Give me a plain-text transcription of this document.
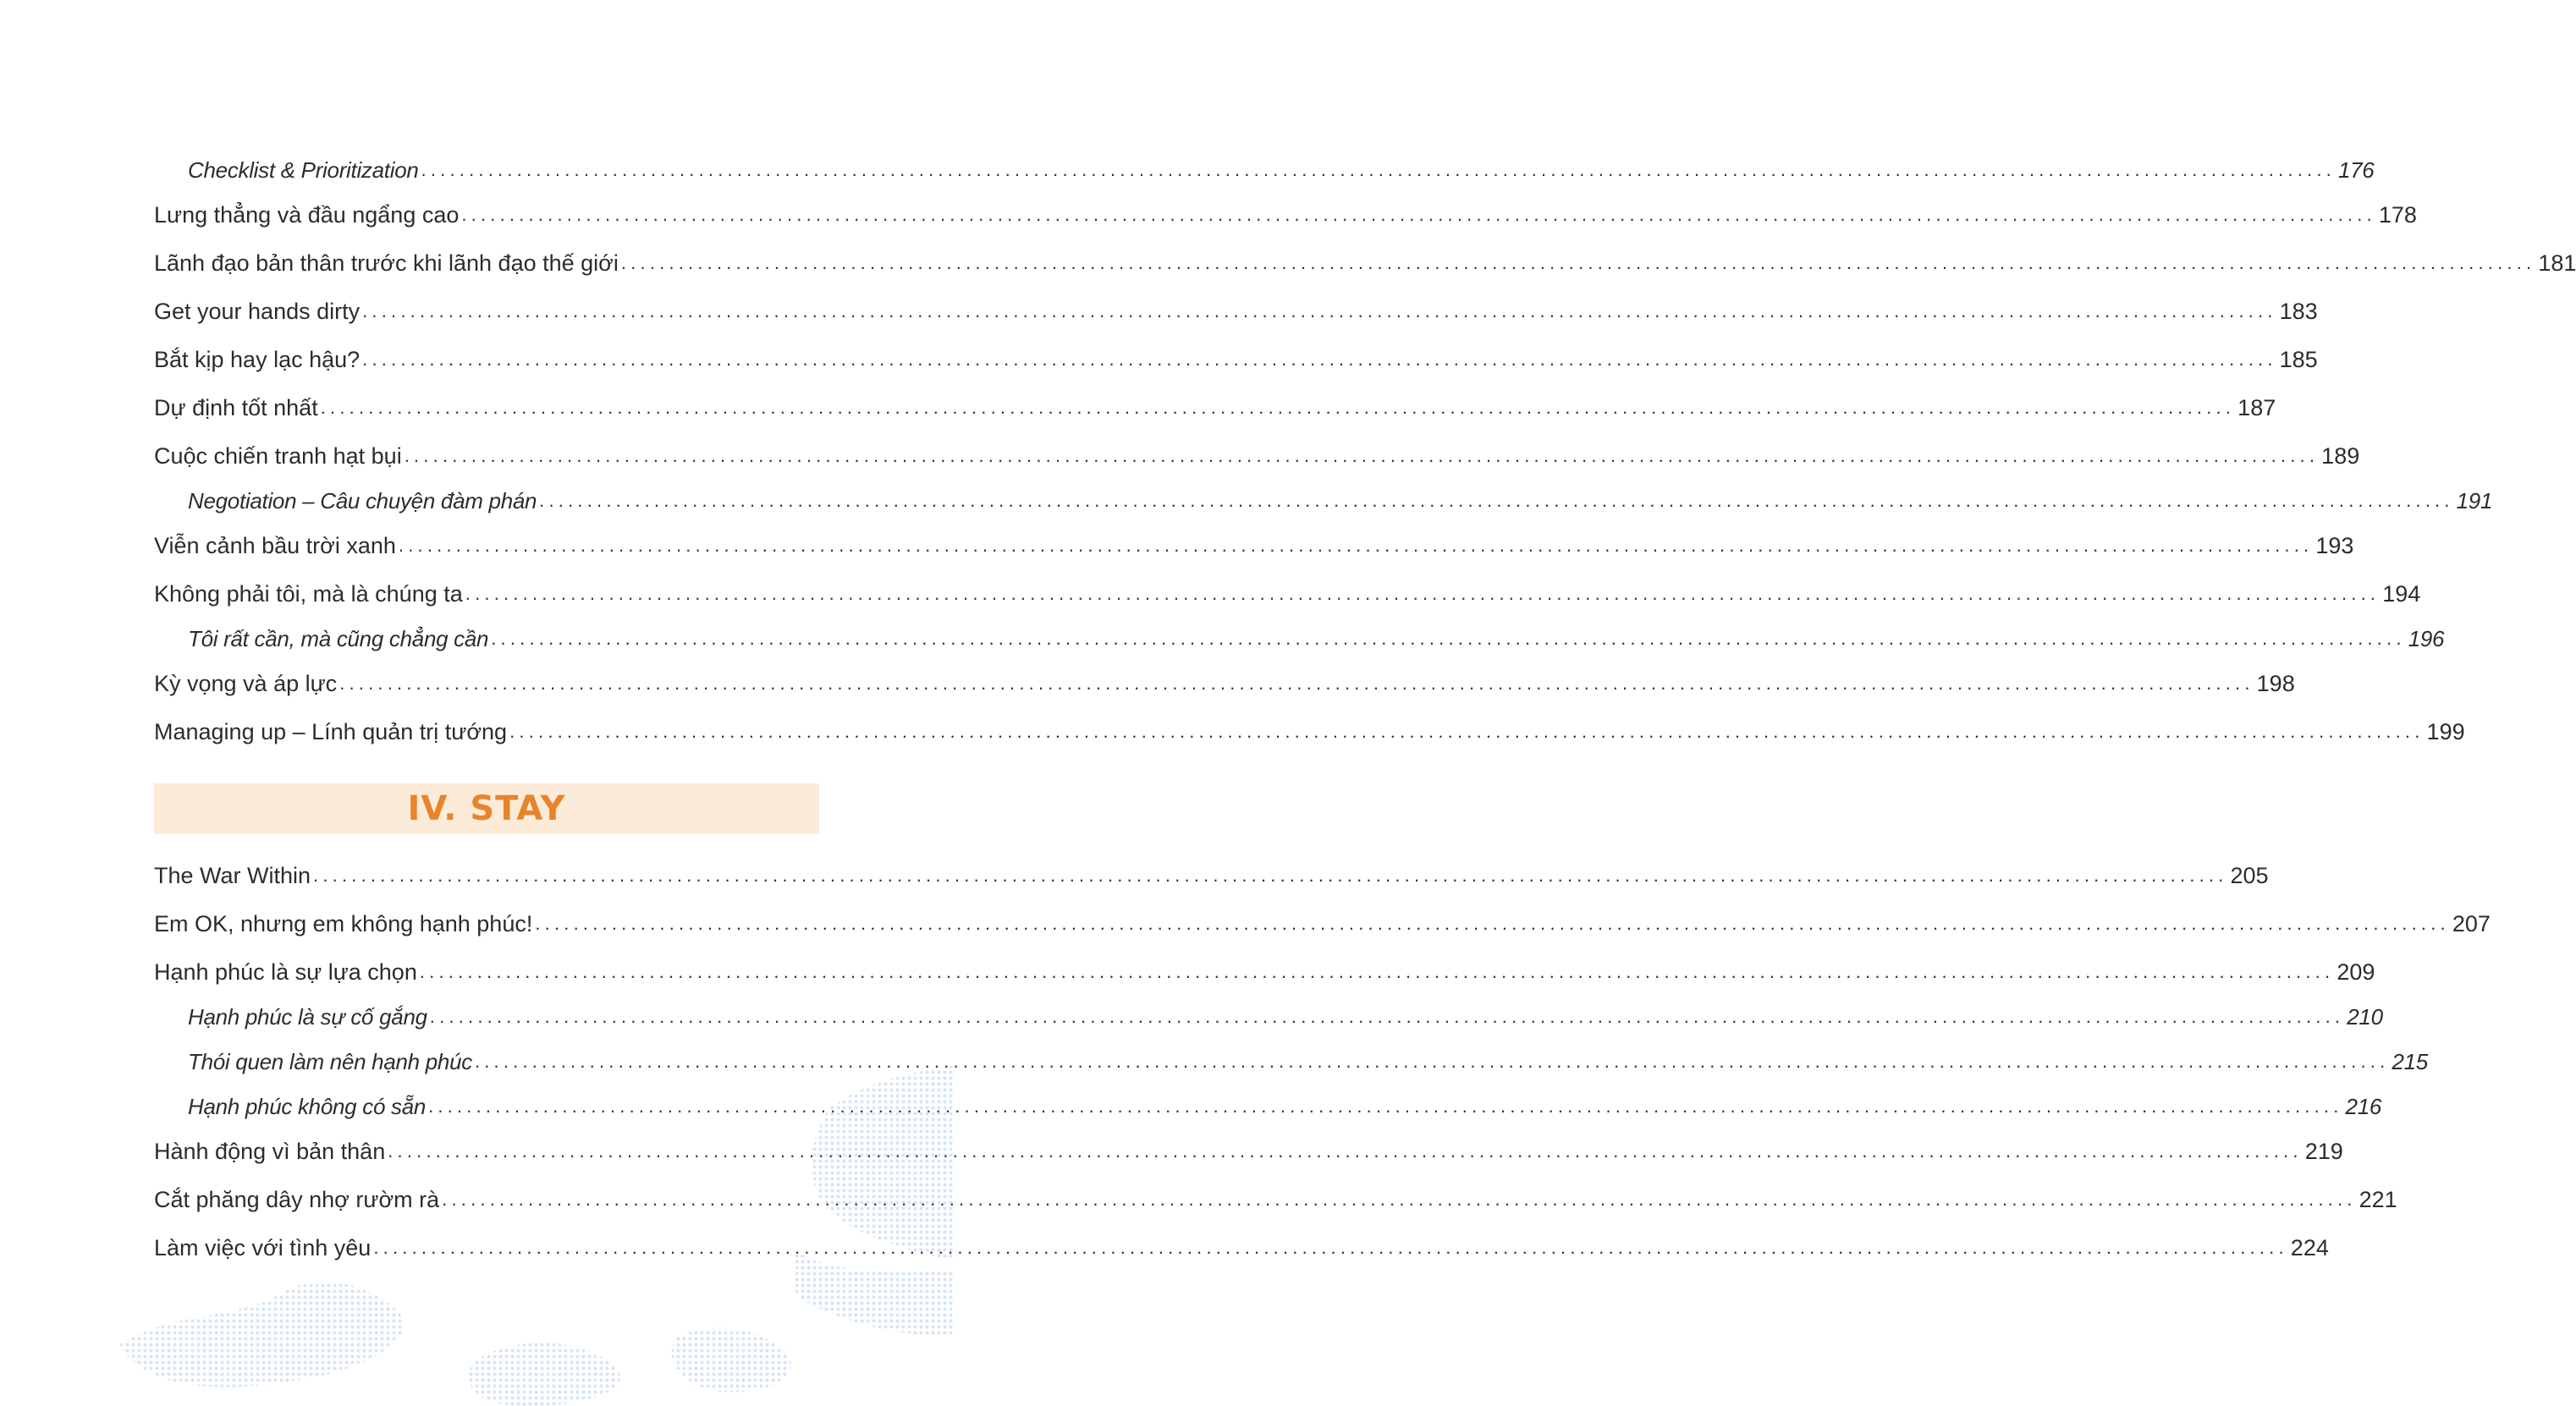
Checklist & Prioritization ........................................................................................................................................................................................................ 176
Lưng thẳng và đầu ngẩng cao ........................................................................................................................................................................................................ 178
Lãnh đạo bản thân trước khi lãnh đạo thế giới ........................................................................................................................................................................................................ 181
Get your hands dirty ........................................................................................................................................................................................................ 183
Bắt kịp hay lạc hậu? ........................................................................................................................................................................................................ 185
Dự định tốt nhất ........................................................................................................................................................................................................ 187
Cuộc chiến tranh hạt bụi ........................................................................................................................................................................................................ 189
Negotiation – Câu chuyện đàm phán ........................................................................................................................................................................................................ 191
Viễn cảnh bầu trời xanh ........................................................................................................................................................................................................ 193
Không phải tôi, mà là chúng ta ........................................................................................................................................................................................................ 194
Tôi rất cần, mà cũng chẳng cần ........................................................................................................................................................................................................ 196
Kỳ vọng và áp lực ........................................................................................................................................................................................................ 198
Managing up – Lính quản trị tướng ........................................................................................................................................................................................................ 199
IV. STAY
The War Within ........................................................................................................................................................................................................ 205
Em OK, nhưng em không hạnh phúc! ........................................................................................................................................................................................................ 207
Hạnh phúc là sự lựa chọn ........................................................................................................................................................................................................ 209
Hạnh phúc là sự cố gắng ........................................................................................................................................................................................................ 210
Thói quen làm nên hạnh phúc ........................................................................................................................................................................................................ 215
Hạnh phúc không có sẵn ........................................................................................................................................................................................................ 216
Hành động vì bản thân ........................................................................................................................................................................................................ 219
Cắt phăng dây nhợ rườm rà ........................................................................................................................................................................................................ 221
Làm việc với tình yêu ........................................................................................................................................................................................................ 224
